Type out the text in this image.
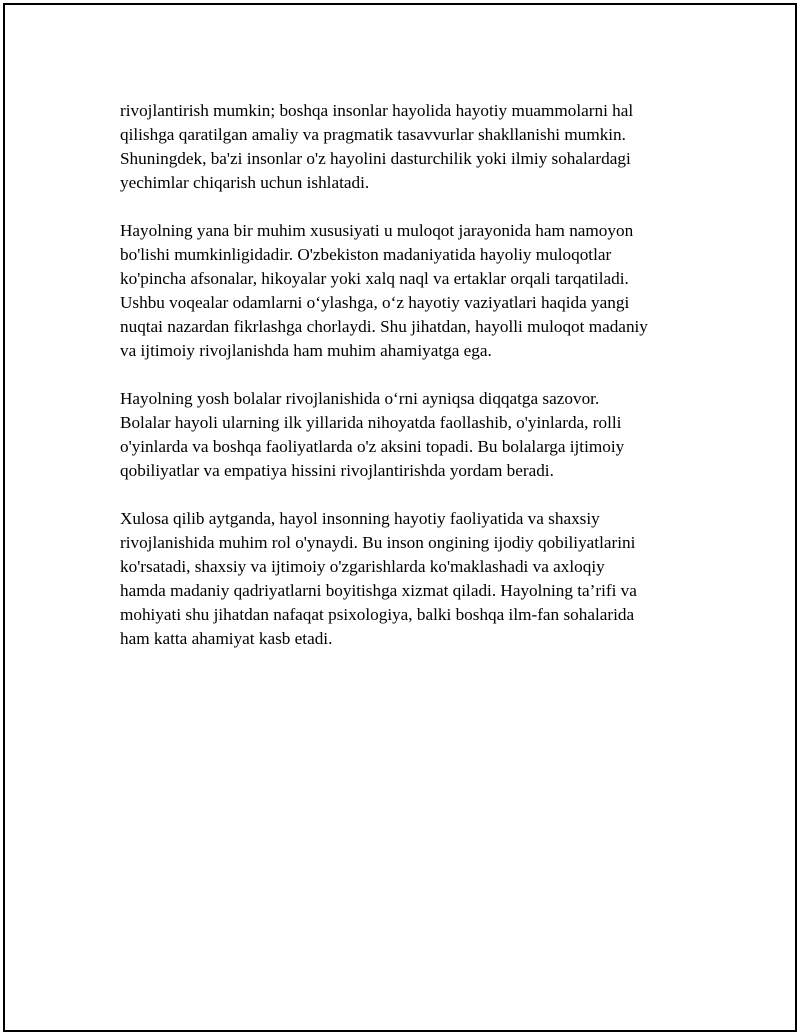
rivojlantirish mumkin; boshqa insonlar hayolida hayotiy muammolarni hal
qilishga qaratilgan amaliy va pragmatik tasavvurlar shakllanishi mumkin.
Shuningdek, ba'zi insonlar o'z hayolini dasturchilik yoki ilmiy sohalardagi
yechimlar chiqarish uchun ishlatadi.

Hayolning yana bir muhim xususiyati u muloqot jarayonida ham namoyon
bo'lishi mumkinligidadir. O'zbekiston madaniyatida hayoliy muloqotlar
ko'pincha afsonalar, hikoyalar yoki xalq naql va ertaklar orqali tarqatiladi.
Ushbu voqealar odamlarni o‘ylashga, o‘z hayotiy vaziyatlari haqida yangi
nuqtai nazardan fikrlashga chorlaydi. Shu jihatdan, hayolli muloqot madaniy
va ijtimoiy rivojlanishda ham muhim ahamiyatga ega.

Hayolning yosh bolalar rivojlanishida o‘rni ayniqsa diqqatga sazovor.
Bolalar hayoli ularning ilk yillarida nihoyatda faollashib, o'yinlarda, rolli
o'yinlarda va boshqa faoliyatlarda o'z aksini topadi. Bu bolalarga ijtimoiy
qobiliyatlar va empatiya hissini rivojlantirishda yordam beradi.

Xulosa qilib aytganda, hayol insonning hayotiy faoliyatida va shaxsiy
rivojlanishida muhim rol o'ynaydi. Bu inson ongining ijodiy qobiliyatlarini
ko'rsatadi, shaxsiy va ijtimoiy o'zgarishlarda ko'maklashadi va axloqiy
hamda madaniy qadriyatlarni boyitishga xizmat qiladi. Hayolning ta’rifi va
mohiyati shu jihatdan nafaqat psixologiya, balki boshqa ilm-fan sohalarida
ham katta ahamiyat kasb etadi.
